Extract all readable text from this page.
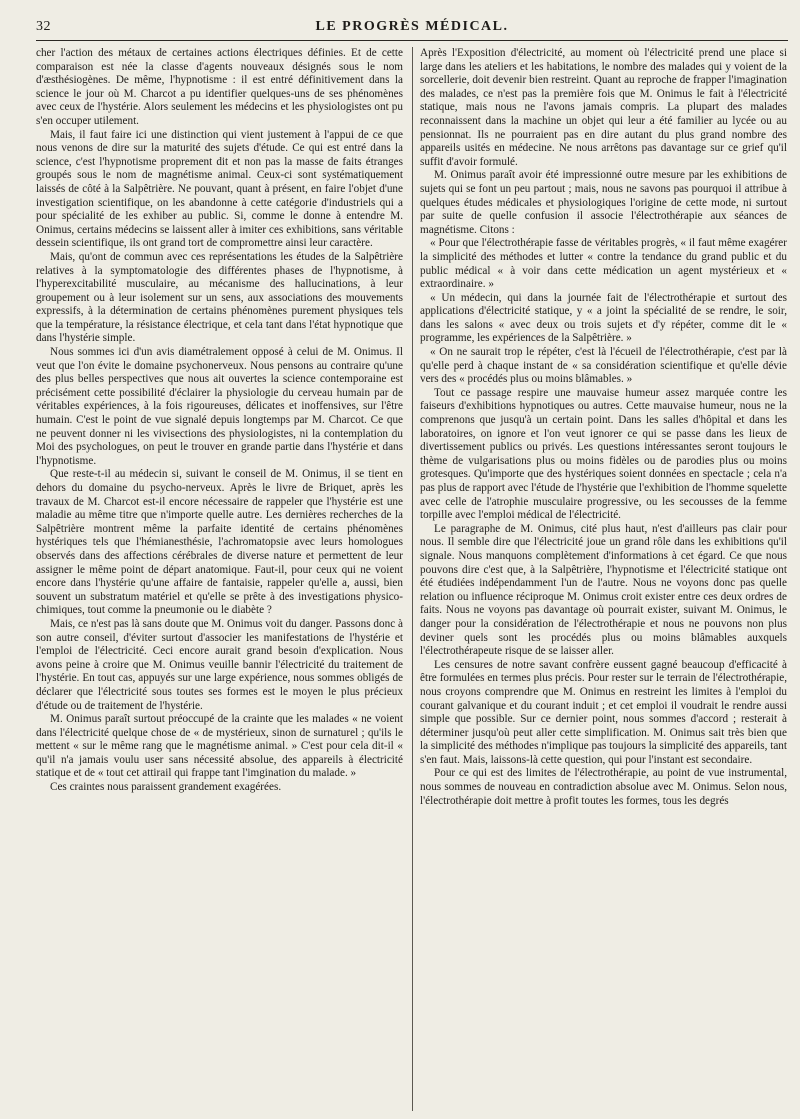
32	LE PROGRÈS MÉDICAL.

cher l'action des métaux de certaines actions électriques définies. Et de cette comparaison est née la classe d'agents nouveaux désignés sous le nom d'æsthésiogènes. De même, l'hypnotisme : il est entré définitivement dans la science le jour où M. Charcot a pu identifier quelques-uns de ses phénomènes avec ceux de l'hystérie. Alors seulement les médecins et les physiologistes ont pu s'en occuper utilement.

Mais, il faut faire ici une distinction qui vient justement à l'appui de ce que nous venons de dire sur la maturité des sujets d'étude. Ce qui est entré dans la science, c'est l'hypnotisme proprement dit et non pas la masse de faits étranges groupés sous le nom de magnétisme animal. Ceux-ci sont systématiquement laissés de côté à la Salpêtrière. Ne pouvant, quant à présent, en faire l'objet d'une investigation scientifique, on les abandonne à cette catégorie d'industriels qui a pour spécialité de les exhiber au public. Si, comme le donne à entendre M. Onimus, certains médecins se laissent aller à imiter ces exhibitions, sans véritable dessein scientifique, ils ont grand tort de compromettre ainsi leur caractère.

Mais, qu'ont de commun avec ces représentations les études de la Salpêtrière relatives à la symptomatologie des différentes phases de l'hypnotisme, à l'hyperexcitabilité musculaire, au mécanisme des hallucinations, à leur groupement ou à leur isolement sur un sens, aux associations des mouvements expressifs, à la détermination de certains phénomènes purement physiques tels que la température, la résistance électrique, et cela tant dans l'état hypnotique que dans l'hystérie simple.

Nous sommes ici d'un avis diamétralement opposé à celui de M. Onimus. Il veut que l'on évite le domaine psychonerveux. Nous pensons au contraire qu'une des plus belles perspectives que nous ait ouvertes la science contemporaine est précisément cette possibilité d'éclairer la physiologie du cerveau humain par de véritables expériences, à la fois rigoureuses, délicates et inoffensives, sur l'être humain. C'est le point de vue signalé depuis longtemps par M. Charcot. Ce que ne peuvent donner ni les vivisections des physiologistes, ni la contemplation du Moi des psychologues, on peut le trouver en grande partie dans l'hystérie et dans l'hypnotisme.

Que reste-t-il au médecin si, suivant le conseil de M. Onimus, il se tient en dehors du domaine du psycho-nerveux. Après le livre de Briquet, après les travaux de M. Charcot est-il encore nécessaire de rappeler que l'hystérie est une maladie au même titre que n'importe quelle autre. Les dernières recherches de la Salpêtrière montrent même la parfaite identité de certains phénomènes hystériques tels que l'hémianesthésie, l'achromatopsie avec leurs homologues observés dans des affections cérébrales de diverse nature et permettent de leur assigner le même point de départ anatomique. Faut-il, pour ceux qui ne voient encore dans l'hystérie qu'une affaire de fantaisie, rappeler qu'elle a, aussi, bien souvent un substratum matériel et qu'elle se prête à des investigations physico-chimiques, tout comme la pneumonie ou le diabète ?

Mais, ce n'est pas là sans doute que M. Onimus voit du danger. Passons donc à son autre conseil, d'éviter surtout d'associer les manifestations de l'hystérie et l'emploi de l'électricité. Ceci encore aurait grand besoin d'explication. Nous avons peine à croire que M. Onimus veuille bannir l'électricité du traitement de l'hystérie. En tout cas, appuyés sur une large expérience, nous sommes obligés de déclarer que l'électricité sous toutes ses formes est le moyen le plus précieux d'étude ou de traitement de l'hystérie.

M. Onimus paraît surtout préoccupé de la crainte que les malades « ne voient dans l'électricité quelque chose de « de mystérieux, sinon de surnaturel ; qu'ils le mettent « sur le même rang que le magnétisme animal. » C'est pour cela dit-il « qu'il n'a jamais voulu user sans nécessité absolue, des appareils à électricité statique et de « tout cet attirail qui frappe tant l'imgination du malade. »

Ces craintes nous paraissent grandement exagérées.

Après l'Exposition d'électricité, au moment où l'électricité prend une place si large dans les ateliers et les habitations, le nombre des malades qui y voient de la sorcellerie, doit devenir bien restreint. Quant au reproche de frapper l'imagination des malades, ce n'est pas la première fois que M. Onimus le fait à l'électricité statique, mais nous ne l'avons jamais compris. La plupart des malades reconnaissent dans la machine un objet qui leur a été familier au lycée ou au pensionnat. Ils ne pourraient pas en dire autant du plus grand nombre des appareils usités en médecine. Ne nous arrêtons pas davantage sur ce grief qu'il suffit d'avoir formulé.

M. Onimus paraît avoir été impressionné outre mesure par les exhibitions de sujets qui se font un peu partout ; mais, nous ne savons pas pourquoi il attribue à quelques études médicales et physiologiques l'origine de cette mode, ni surtout par suite de quelle confusion il associe l'électrothérapie aux séances de magnétisme. Citons :

« Pour que l'électrothérapie fasse de véritables progrès, « il faut même exagérer la simplicité des méthodes et lutter « contre la tendance du grand public et du public médical « à voir dans cette médication un agent mystérieux et « extraordinaire. »

« Un médecin, qui dans la journée fait de l'électrothérapie et surtout des applications d'électricité statique, y « a joint la spécialité de se rendre, le soir, dans les salons « avec deux ou trois sujets et d'y répéter, comme dit le « programme, les expériences de la Salpêtrière. »

« On ne saurait trop le répéter, c'est là l'écueil de l'électrothérapie, c'est par là qu'elle perd à chaque instant de « sa considération scientifique et qu'elle dévie vers des « procédés plus ou moins blâmables. »

Tout ce passage respire une mauvaise humeur assez marquée contre les faiseurs d'exhibitions hypnotiques ou autres. Cette mauvaise humeur, nous ne la comprenons que jusqu'à un certain point. Dans les salles d'hôpital et dans les laboratoires, on ignore et l'on veut ignorer ce qui se passe dans les lieux de divertissement publics ou privés. Les questions intéressantes seront toujours le thème de vulgarisations plus ou moins fidèles ou de parodies plus ou moins grotesques. Qu'importe que des hystériques soient données en spectacle ; cela n'a pas plus de rapport avec l'étude de l'hystérie que l'exhibition de l'homme squelette avec celle de l'atrophie musculaire progressive, ou les secousses de la femme torpille avec l'emploi médical de l'électricité.

Le paragraphe de M. Onimus, cité plus haut, n'est d'ailleurs pas clair pour nous. Il semble dire que l'électricité joue un grand rôle dans les exhibitions qu'il signale. Nous manquons complètement d'informations à cet égard. Ce que nous pouvons dire c'est que, à la Salpêtrière, l'hypnotisme et l'électricité statique ont été étudiées indépendamment l'un de l'autre. Nous ne voyons donc pas quelle relation ou influence réciproque M. Onimus croit exister entre ces deux ordres de faits. Nous ne voyons pas davantage où pourrait exister, suivant M. Onimus, le danger pour la considération de l'électrothérapie et nous ne pouvons non plus deviner quels sont les procédés plus ou moins blâmables auxquels l'électrothérapeute risque de se laisser aller.

Les censures de notre savant confrère eussent gagné beaucoup d'efficacité à être formulées en termes plus précis. Pour rester sur le terrain de l'électrothérapie, nous croyons comprendre que M. Onimus en restreint les limites à l'emploi du courant galvanique et du courant induit ; et cet emploi il voudrait le rendre aussi simple que possible. Sur ce dernier point, nous sommes d'accord ; resterait à déterminer jusqu'où peut aller cette simplification. M. Onimus sait très bien que la simplicité des méthodes n'implique pas toujours la simplicité des appareils, tant s'en faut. Mais, laissons-là cette question, qui pour l'instant est secondaire.

Pour ce qui est des limites de l'électrothérapie, au point de vue instrumental, nous sommes de nouveau en contradiction absolue avec M. Onimus. Selon nous, l'électrothérapie doit mettre à profit toutes les formes, tous les degrés
